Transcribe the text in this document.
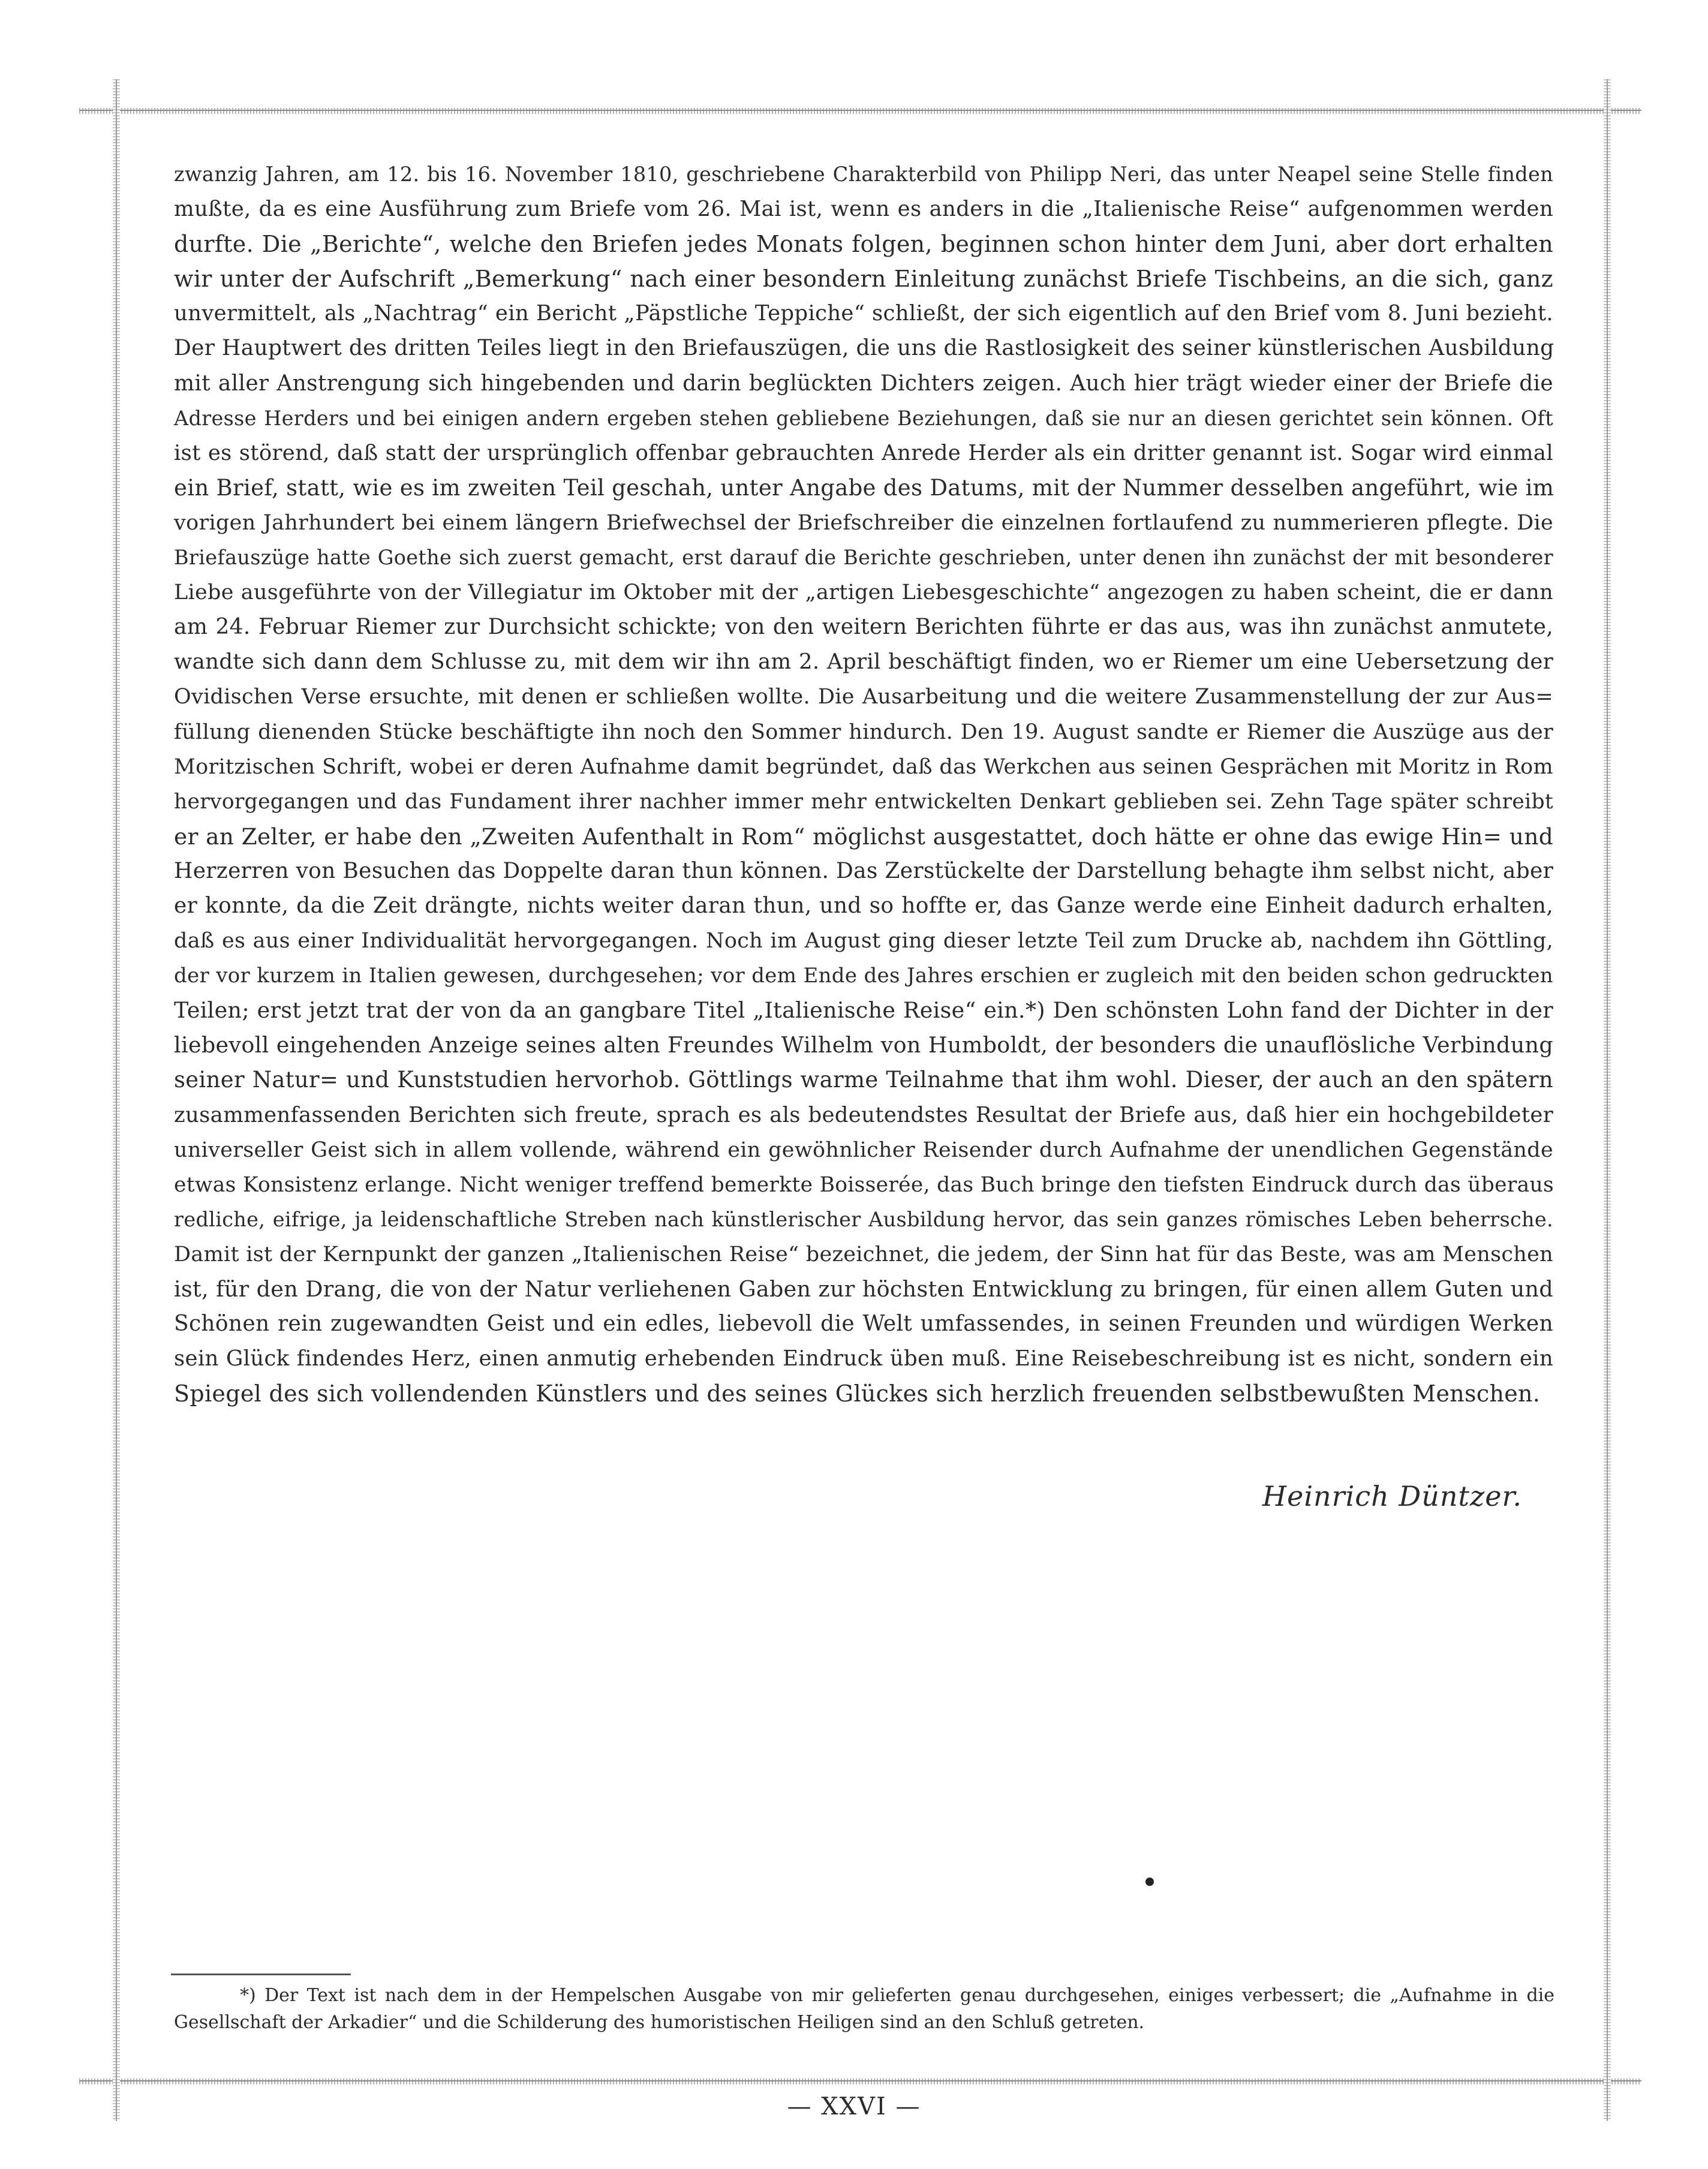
zwanzig Jahren, am 12. bis 16. November 1810, geschriebene Charakterbild von Philipp Neri, das unter Neapel seine Stelle finden
mußte, da es eine Ausführung zum Briefe vom 26. Mai ist, wenn es anders in die „Italienische Reise“ aufgenommen werden
durfte. Die „Berichte“, welche den Briefen jedes Monats folgen, beginnen schon hinter dem Juni, aber dort erhalten
wir unter der Aufschrift „Bemerkung“ nach einer besondern Einleitung zunächst Briefe Tischbeins, an die sich, ganz
unvermittelt, als „Nachtrag“ ein Bericht „Päpstliche Teppiche“ schließt, der sich eigentlich auf den Brief vom 8. Juni bezieht.
Der Hauptwert des dritten Teiles liegt in den Briefauszügen, die uns die Rastlosigkeit des seiner künstlerischen Ausbildung
mit aller Anstrengung sich hingebenden und darin beglückten Dichters zeigen. Auch hier trägt wieder einer der Briefe die
Adresse Herders und bei einigen andern ergeben stehen gebliebene Beziehungen, daß sie nur an diesen gerichtet sein können. Oft
ist es störend, daß statt der ursprünglich offenbar gebrauchten Anrede Herder als ein dritter genannt ist. Sogar wird einmal
ein Brief, statt, wie es im zweiten Teil geschah, unter Angabe des Datums, mit der Nummer desselben angeführt, wie im
vorigen Jahrhundert bei einem längern Briefwechsel der Briefschreiber die einzelnen fortlaufend zu nummerieren pflegte. Die
Briefauszüge hatte Goethe sich zuerst gemacht, erst darauf die Berichte geschrieben, unter denen ihn zunächst der mit besonderer
Liebe ausgeführte von der Villegiatur im Oktober mit der „artigen Liebesgeschichte“ angezogen zu haben scheint, die er dann
am 24. Februar Riemer zur Durchsicht schickte; von den weitern Berichten führte er das aus, was ihn zunächst anmutete,
wandte sich dann dem Schlusse zu, mit dem wir ihn am 2. April beschäftigt finden, wo er Riemer um eine Uebersetzung der
Ovidischen Verse ersuchte, mit denen er schließen wollte. Die Ausarbeitung und die weitere Zusammenstellung der zur Aus=
füllung dienenden Stücke beschäftigte ihn noch den Sommer hindurch. Den 19. August sandte er Riemer die Auszüge aus der
Moritzischen Schrift, wobei er deren Aufnahme damit begründet, daß das Werkchen aus seinen Gesprächen mit Moritz in Rom
hervorgegangen und das Fundament ihrer nachher immer mehr entwickelten Denkart geblieben sei. Zehn Tage später schreibt
er an Zelter, er habe den „Zweiten Aufenthalt in Rom“ möglichst ausgestattet, doch hätte er ohne das ewige Hin= und
Herzerren von Besuchen das Doppelte daran thun können. Das Zerstückelte der Darstellung behagte ihm selbst nicht, aber
er konnte, da die Zeit drängte, nichts weiter daran thun, und so hoffte er, das Ganze werde eine Einheit dadurch erhalten,
daß es aus einer Individualität hervorgegangen. Noch im August ging dieser letzte Teil zum Drucke ab, nachdem ihn Göttling,
der vor kurzem in Italien gewesen, durchgesehen; vor dem Ende des Jahres erschien er zugleich mit den beiden schon gedruckten
Teilen; erst jetzt trat der von da an gangbare Titel „Italienische Reise“ ein.*) Den schönsten Lohn fand der Dichter in der
liebevoll eingehenden Anzeige seines alten Freundes Wilhelm von Humboldt, der besonders die unauflösliche Verbindung
seiner Natur= und Kunststudien hervorhob. Göttlings warme Teilnahme that ihm wohl. Dieser, der auch an den spätern
zusammenfassenden Berichten sich freute, sprach es als bedeutendstes Resultat der Briefe aus, daß hier ein hochgebildeter
universeller Geist sich in allem vollende, während ein gewöhnlicher Reisender durch Aufnahme der unendlichen Gegenstände
etwas Konsistenz erlange. Nicht weniger treffend bemerkte Boisserée, das Buch bringe den tiefsten Eindruck durch das überaus
redliche, eifrige, ja leidenschaftliche Streben nach künstlerischer Ausbildung hervor, das sein ganzes römisches Leben beherrsche.
Damit ist der Kernpunkt der ganzen „Italienischen Reise“ bezeichnet, die jedem, der Sinn hat für das Beste, was am Menschen
ist, für den Drang, die von der Natur verliehenen Gaben zur höchsten Entwicklung zu bringen, für einen allem Guten und
Schönen rein zugewandten Geist und ein edles, liebevoll die Welt umfassendes, in seinen Freunden und würdigen Werken
sein Glück findendes Herz, einen anmutig erhebenden Eindruck üben muß. Eine Reisebeschreibung ist es nicht, sondern ein
Spiegel des sich vollendenden Künstlers und des seines Glückes sich herzlich freuenden selbstbewußten Menschen.
Heinrich Düntzer.
*) Der Text ist nach dem in der Hempelschen Ausgabe von mir gelieferten genau durchgesehen, einiges verbessert; die „Aufnahme in die
Gesellschaft der Arkadier“ und die Schilderung des humoristischen Heiligen sind an den Schluß getreten.
— XXVI —
